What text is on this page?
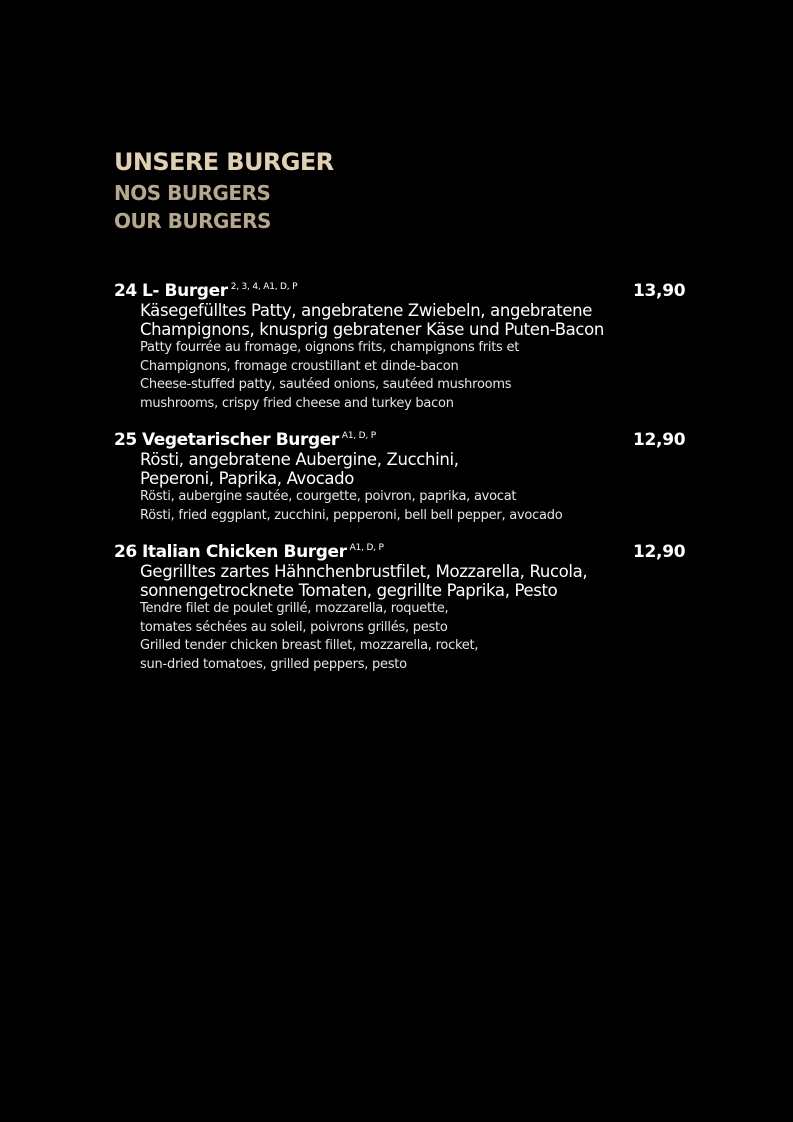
UNSERE BURGER
NOS BURGERS
OUR BURGERS
24 L- Burger $^{2, 3, 4, A1, D, P}$	13,90
Käsegefülltes Patty, angebratene Zwiebeln, angebratene
Champignons, knusprig gebratener Käse und Puten-Bacon
Patty fourrée au fromage, oignons frits, champignons frits et
Champignons, fromage croustillant et dinde-bacon
Cheese-stuffed patty, sautéed onions, sautéed mushrooms
mushrooms, crispy fried cheese and turkey bacon
25 Vegetarischer Burger $^{A1, D, P}$	12,90
Rösti, angebratene Aubergine, Zucchini,
Peperoni, Paprika, Avocado
Rösti, aubergine sautée, courgette, poivron, paprika, avocat
Rösti, fried eggplant, zucchini, pepperoni, bell bell pepper, avocado
26 Italian Chicken Burger $^{A1, D, P}$	12,90
Gegrilltes zartes Hähnchenbrustfilet, Mozzarella, Rucola,
sonnengetrocknete Tomaten, gegrillte Paprika, Pesto
Tendre filet de poulet grillé, mozzarella, roquette,
tomates séchées au soleil, poivrons grillés, pesto
Grilled tender chicken breast fillet, mozzarella, rocket,
sun-dried tomatoes, grilled peppers, pesto
